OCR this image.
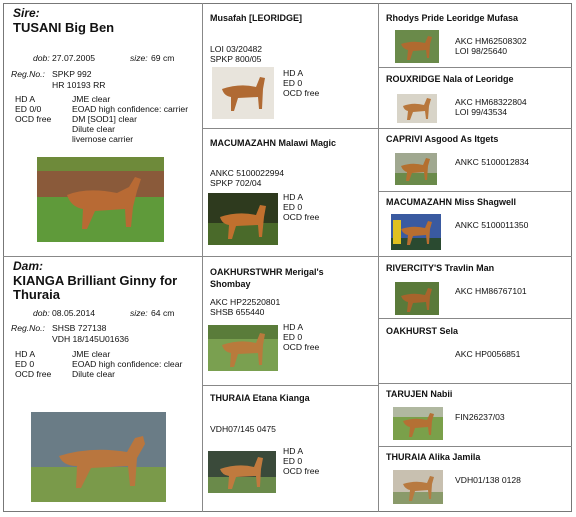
Sire:
TUSANI Big Ben
dob: 27.07.2005	size: 69 cm
Reg.No.: SPKP 992
HR 10193 RR
HD A
ED 0/0
OCD free
JME clear
EOAD high confidence: carrier
DM [SOD1] clear
Dilute clear
livernose carrier
Dam:
KIANGA Brilliant Ginny for
Thuraia
dob: 08.05.2014	size: 64 cm
Reg.No.: SHSB 727138
VDH 18/145U01636
HD A
ED 0
OCD free
JME clear
EOAD high confidence: clear
Dilute clear
Musafah [LEORIDGE]
LOI 03/20482
SPKP 800/05
HD A
ED 0
OCD free
MACUMAZAHN Malawi Magic
ANKC 5100022994
SPKP 702/04
HD A
ED 0
OCD free
OAKHURSTWHR Merigal's
Shombay
AKC HP22520801
SHSB 655440
HD A
ED 0
OCD free
THURAIA Etana Kianga
VDH07/145 0475
HD A
ED 0
OCD free
Rhodys Pride Leoridge Mufasa
AKC HM62508302
LOI 98/25640
ROUXRIDGE Nala of Leoridge
AKC HM68322804
LOI 99/43534
CAPRIVI Asgood As Itgets
ANKC 5100012834
MACUMAZAHN Miss Shagwell
ANKC 5100011350
RIVERCITY'S Travlin Man
AKC HM86767101
OAKHURST Sela
AKC HP0056851
TARUJEN Nabii
FIN26237/03
THURAIA Alika Jamila
VDH01/138 0128
